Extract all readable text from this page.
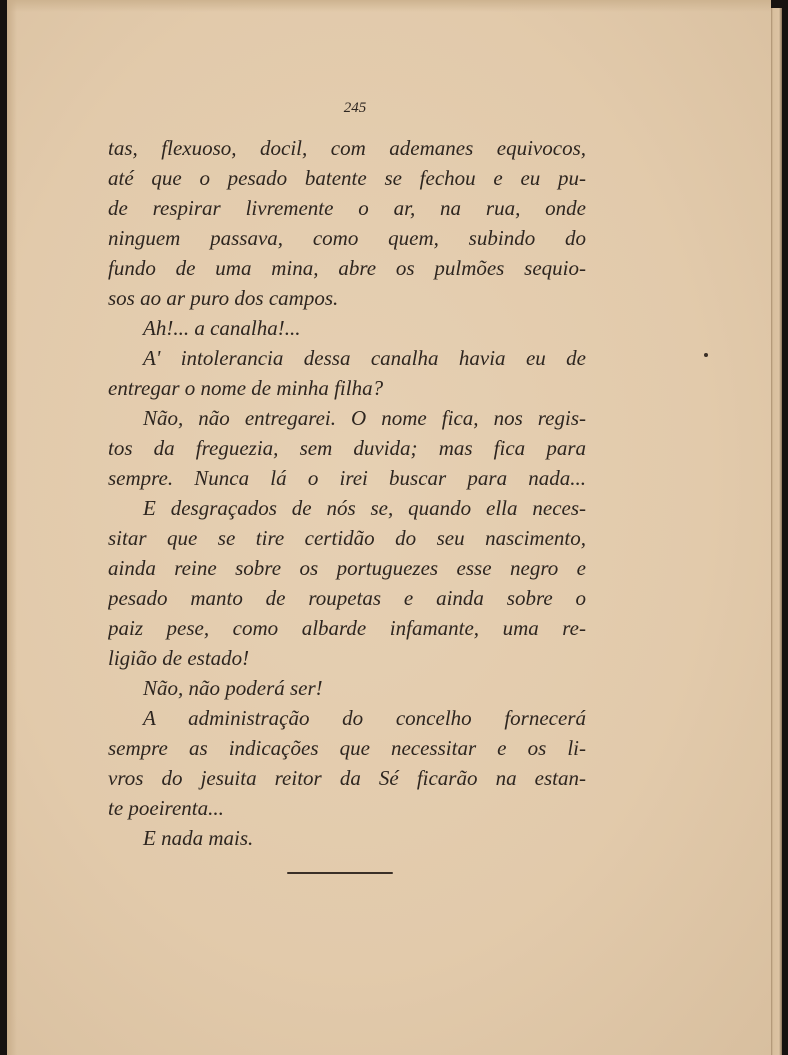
245
tas, flexuoso, docil, com ademanes equivocos,
até que o pesado batente se fechou e eu pu-
de respirar livremente o ar, na rua, onde
ninguem passava, como quem, subindo do
fundo de uma mina, abre os pulmões sequio-
sos ao ar puro dos campos.
Ah!... a canalha!...
A' intolerancia dessa canalha havia eu de
entregar o nome de minha filha?
Não, não entregarei. O nome fica, nos regis-
tos da freguezia, sem duvida; mas fica para
sempre. Nunca lá o irei buscar para nada...
E desgraçados de nós se, quando ella neces-
sitar que se tire certidão do seu nascimento,
ainda reine sobre os portuguezes esse negro e
pesado manto de roupetas e ainda sobre o
paiz pese, como albarde infamante, uma re-
ligião de estado!
Não, não poderá ser!
A administração do concelho fornecerá
sempre as indicações que necessitar e os li-
vros do jesuita reitor da Sé ficarão na estan-
te poeirenta...
E nada mais.
